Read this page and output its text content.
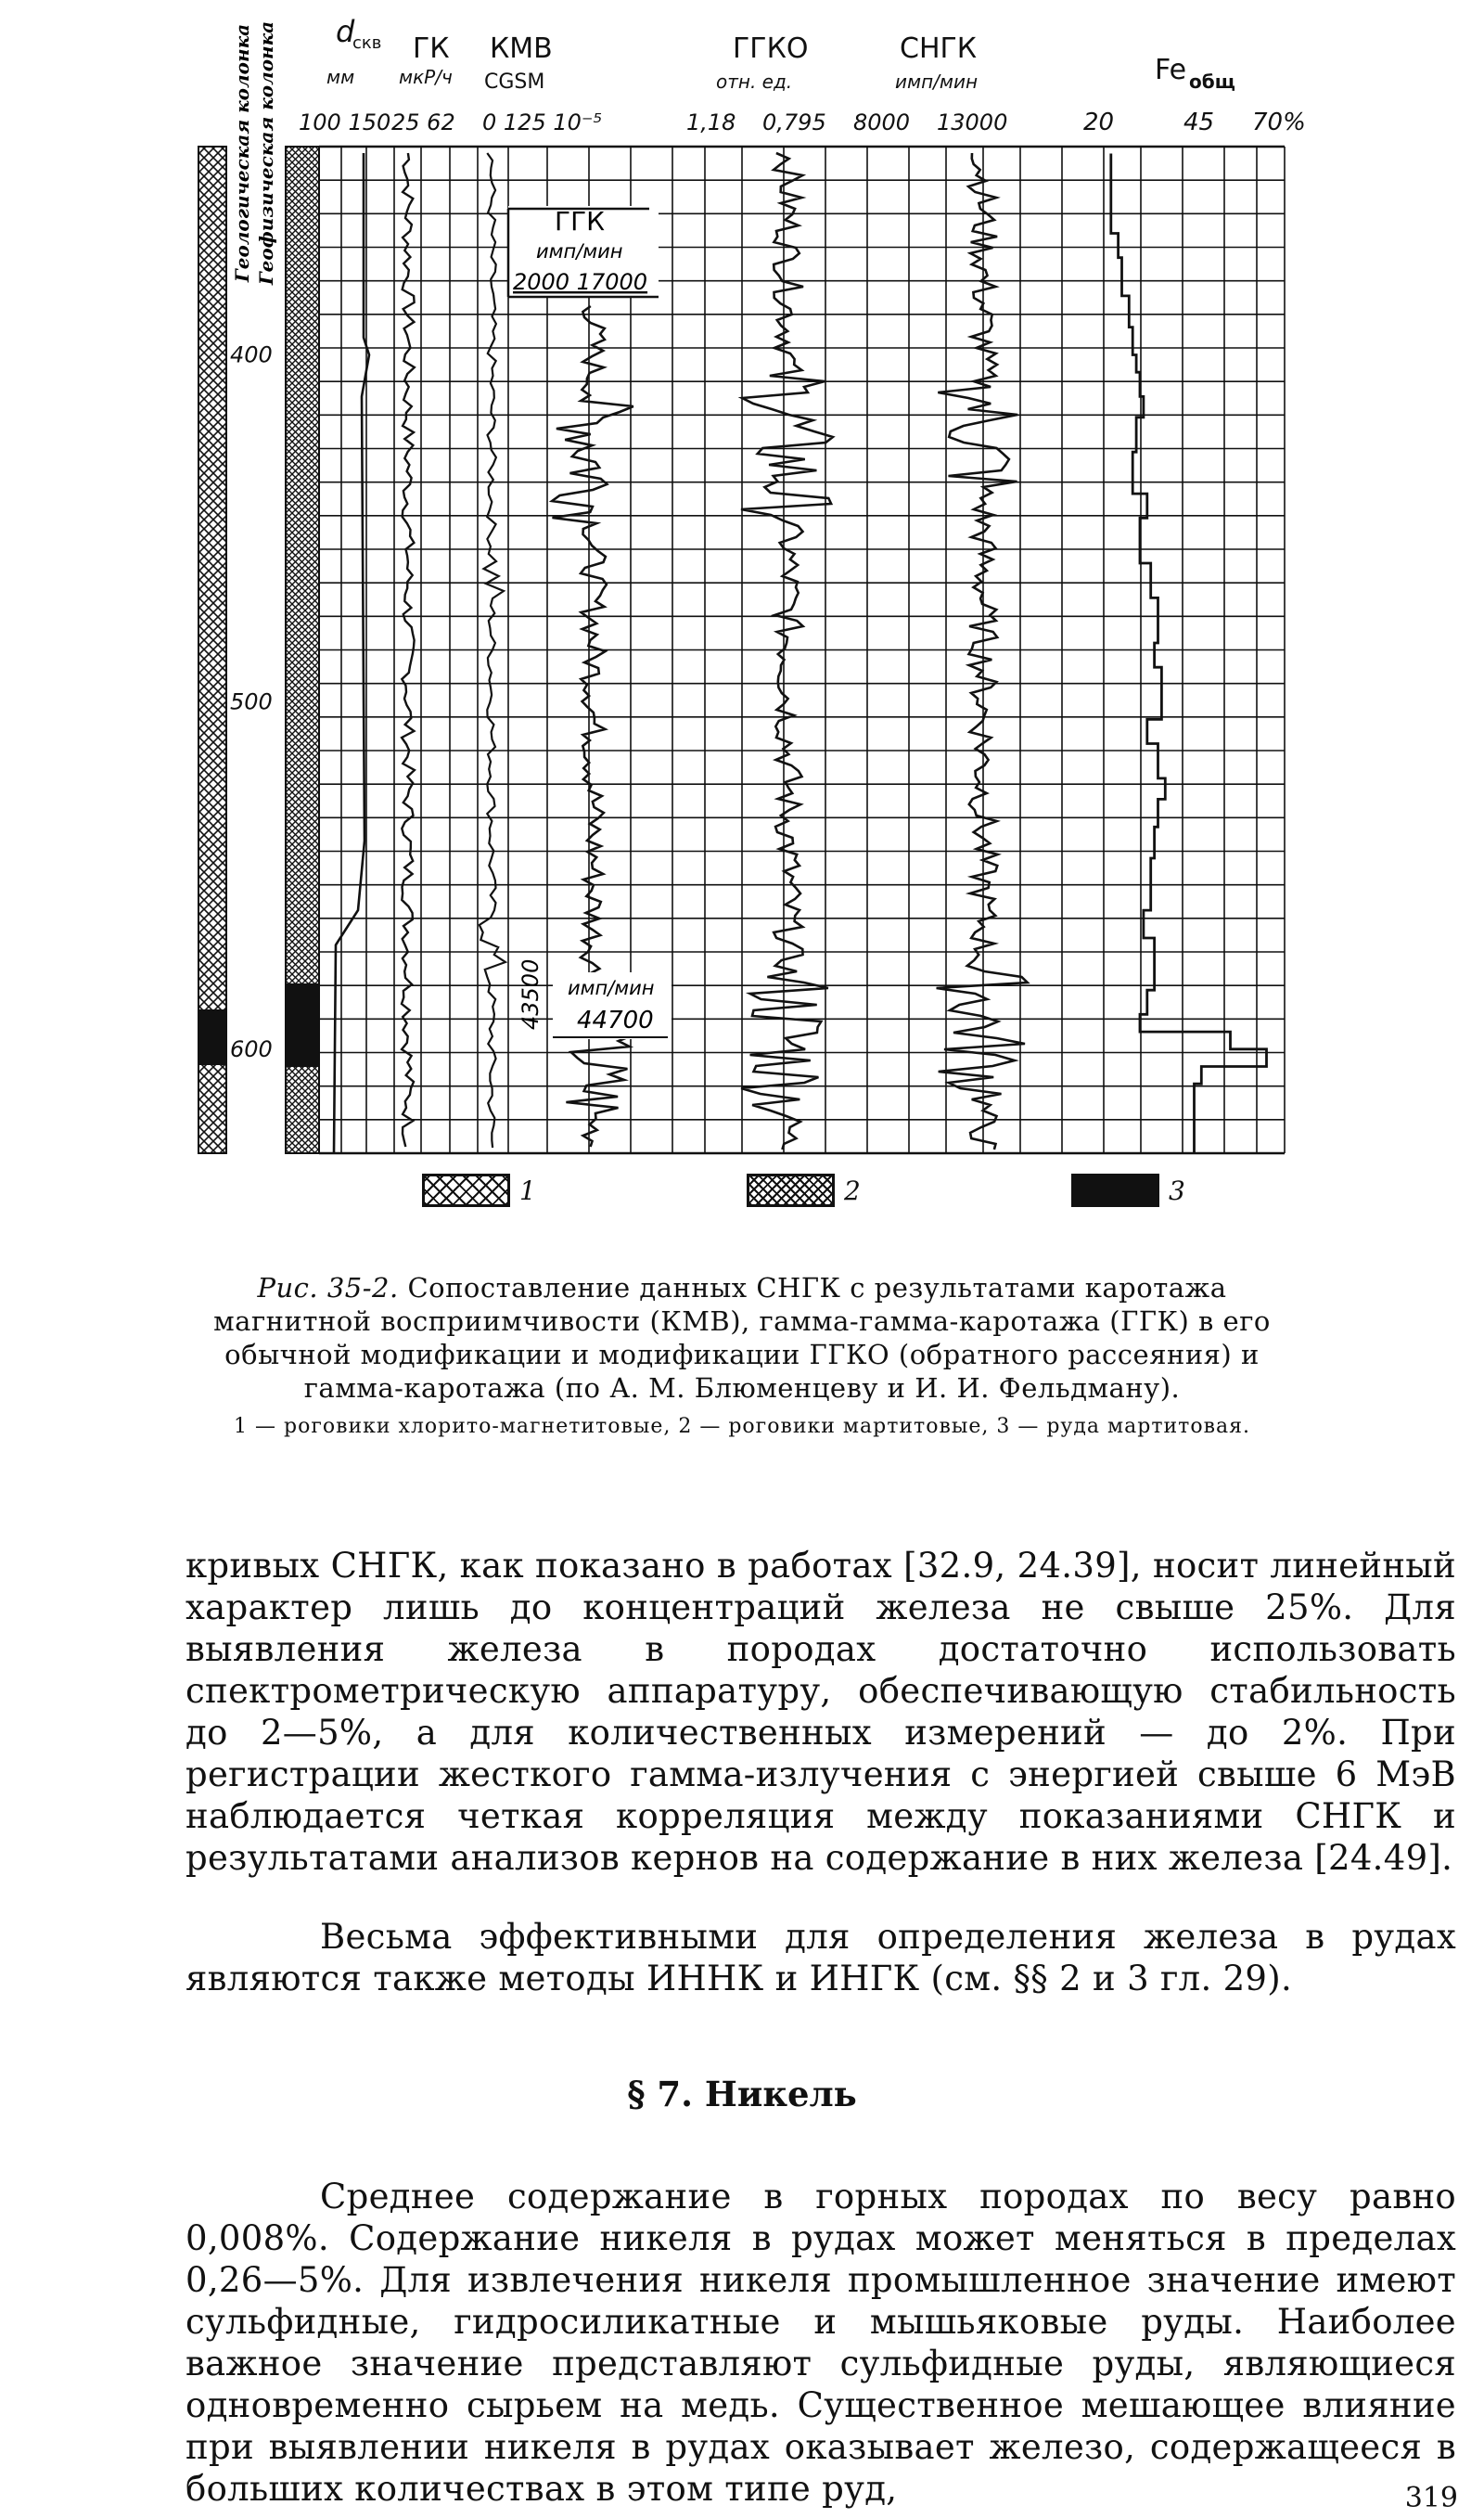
Геологическая колонка Геофизическая колонка d
скв
мм
100 150
ГК
мкР/ч
25 62
КМВ
CGSM
0 125 10⁻⁵
ГГКО
отн. ед.
1,18 0,795
СНГК
имп/мин
8000 13000
Fe общ
20	45 70%
400
500
600
ГГК
имп/мин
2000 17000
43500 имп/мин
44700
1	2	3
Рис. 35-2. Сопоставление данных СНГК с результатами каротажа магнитной восприимчивости (КМВ), гамма-гамма-каротажа (ГГК) в его обычной модификации и модификации ГГКО (обратного рассеяния) и гамма-каротажа (по А. М. Блюменцеву и И. И. Фельдману).
1 — роговики хлорито-магнетитовые, 2 — роговики мартитовые, 3 — руда мартитовая.

кривых СНГК, как показано в работах [32.9, 24.39], носит линейный характер лишь до концентраций железа не свыше 25%. Для выявления железа в породах достаточно использовать спектрометрическую аппаратуру, обеспечивающую стабильность до 2—5%, а для количественных измерений — до 2%. При регистрации жесткого гамма-излучения с энергией свыше 6 МэВ наблюдается четкая корреляция между показаниями СНГК и результатами анализов кернов на содержание в них железа [24.49].

Весьма эффективными для определения железа в рудах являются также методы ИННК и ИНГК (см. §§ 2 и 3 гл. 29).

§ 7. Никель

Среднее содержание в горных породах по весу равно 0,008%. Содержание никеля в рудах может меняться в пределах 0,26—5%. Для извлечения никеля промышленное значение имеют сульфидные, гидросиликатные и мышьяковые руды. Наиболее важное значение представляют сульфидные руды, являющиеся одновременно сырьем на медь. Существенное мешающее влияние при выявлении никеля в рудах оказывает железо, содержащееся в больших количествах в этом типе руд,	319
